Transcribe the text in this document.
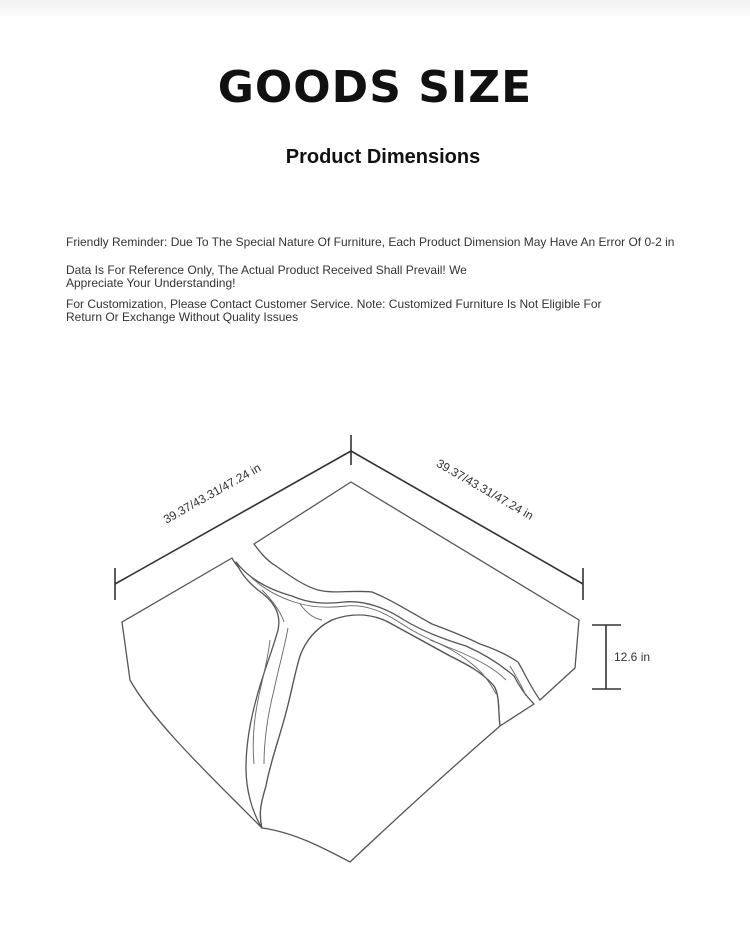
GOODS SIZE
Product Dimensions
Friendly Reminder: Due To The Special Nature Of Furniture, Each Product Dimension May Have An Error Of 0-2 in
Data Is For Reference Only, The Actual Product Received Shall Prevail! We Appreciate Your Understanding!
For Customization, Please Contact Customer Service. Note: Customized Furniture Is Not Eligible For Return Or Exchange Without Quality Issues
39.37/43.31/47.24 in	39.37/43.31/47.24 in
12.6 in
